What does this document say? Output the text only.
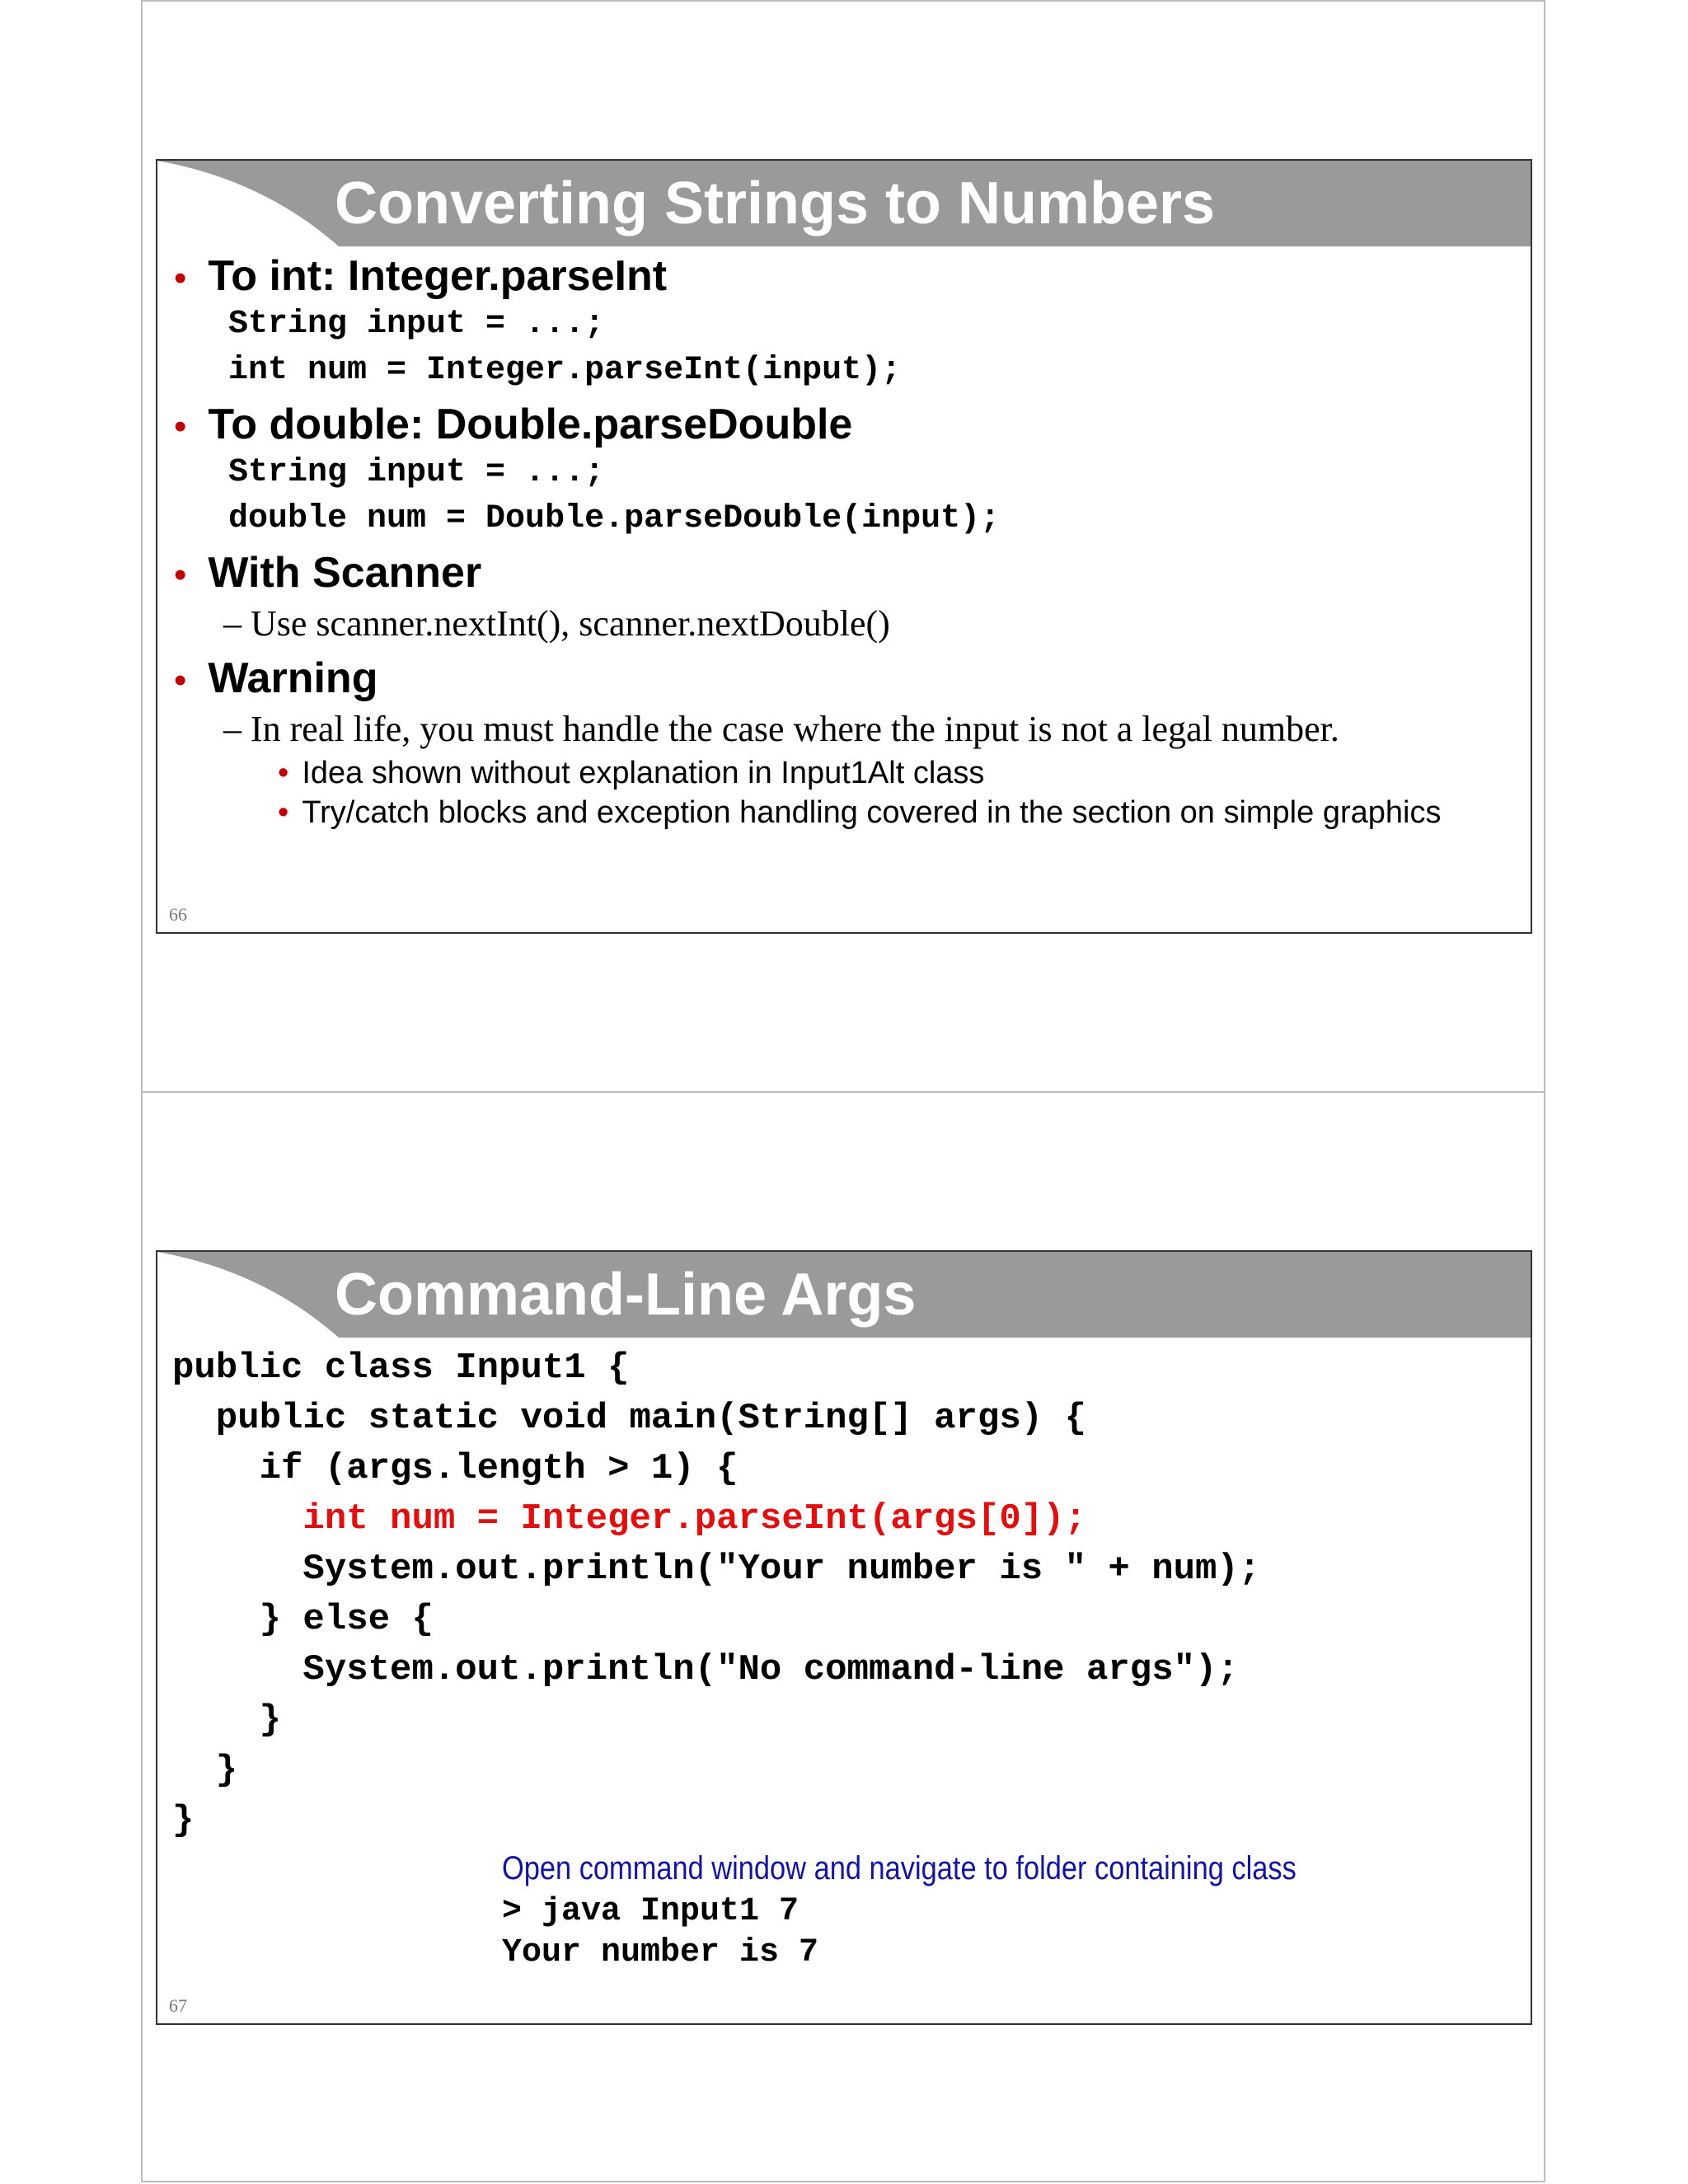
Converting Strings to Numbers
• To int: Integer.parseInt
String input = ...;
int num = Integer.parseInt(input);
• To double: Double.parseDouble
String input = ...;
double num = Double.parseDouble(input);
• With Scanner
– Use scanner.nextInt(), scanner.nextDouble()
• Warning
– In real life, you must handle the case where the input is not a legal number.
• Idea shown without explanation in Input1Alt class
• Try/catch blocks and exception handling covered in the section on simple graphics
66
Command-Line Args
public class Input1 {
public static void main(String[] args) {
if (args.length > 1) {
int num = Integer.parseInt(args[0]);
System.out.println("Your number is " + num);
} else {
System.out.println("No command-line args");
}
}
}
Open command window and navigate to folder containing class
> java Input1 7
Your number is 7
67
